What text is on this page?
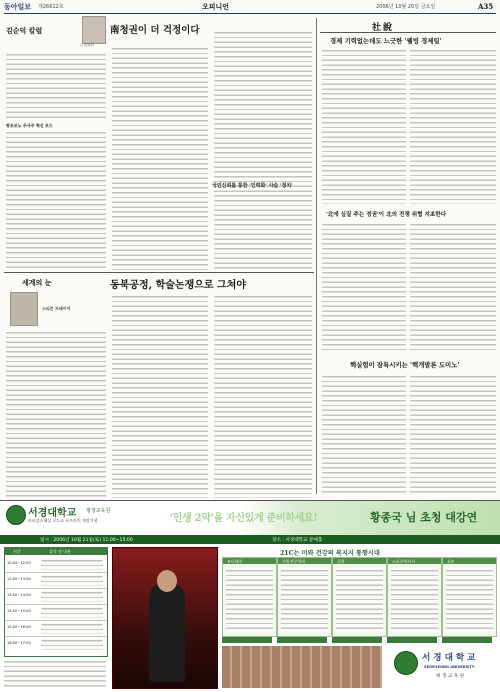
동아일보 제26612호	오피니언	2006년 10월 20일 금요일	A35
김순덕 칼럼
논설위원
왕조모노 주사주 혁신 모드
南청권이 더 걱정이다
국민신뢰를 통한 '인력화' 사슬 '정치'
세계의 눈
스티븐 브래이어
동북공정, 학술논쟁으로 그쳐야
社說
경제 기력없는데도 느긋한 '웰빙 경제팀'
'北에 실질 주는 정권'이 北의 전쟁 위협 지초한다
핵실험이 잠특시키는 '핵개발론 도미노'
서경대학교 평생교육원
파티플스페셜 로드쇼 오프라인 개강기념	'인생 2막'을 자신있게 준비하세요!	황종국 님 초청 대강연
일시 : 2006년 10월 21일(토) 11:00~15:00	장소 : 서경대학교 문예홀
시간	강의 및 내용
10:00~12:00
12:00~13:00
13:00~14:00
14:00~15:00
15:00~16:00
16:00~17:00
21C는 미와 건강의 복지지 통행시대
뷰티패션	가발전문학과	실용	스포츠마사지	포토
서 경 대 학 교
SEOKYEONG UNIVERSITY
평 생 교 육 원
